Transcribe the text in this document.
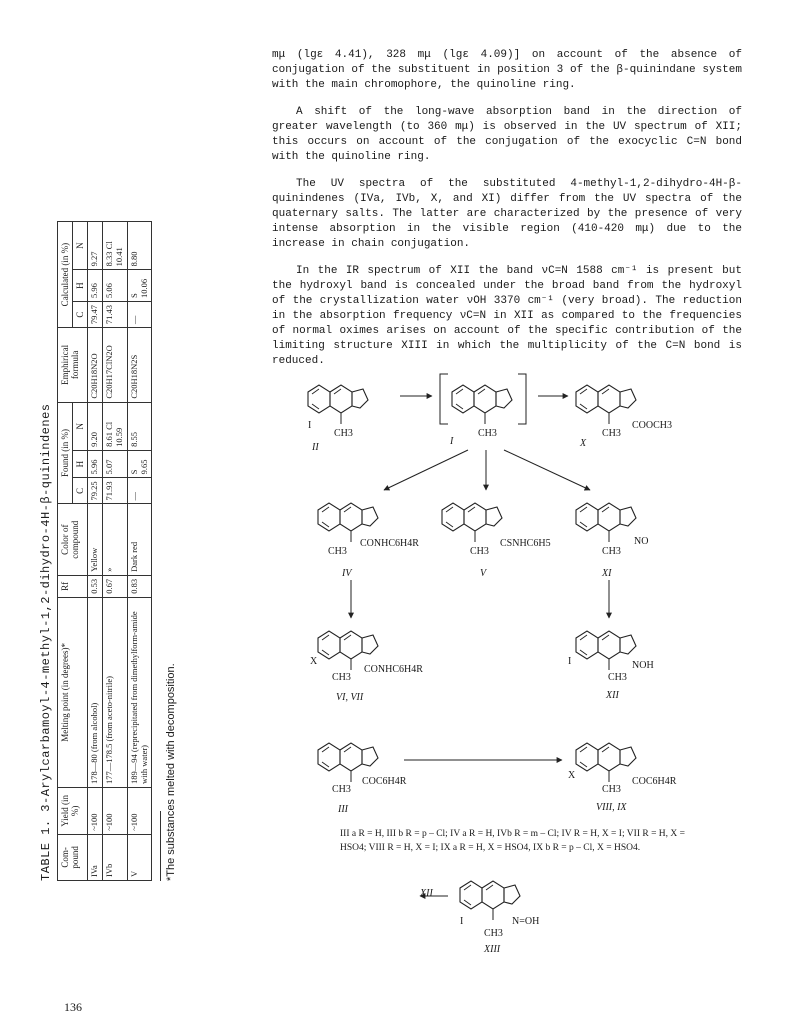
TABLE 1. 3-Arylcarbamoyl-4-methyl-1,2-dihydro-4H-β-quinindenes Com-pound	Yield (in %)	Melting point (in degrees)*	Rf	Color of compound	Found (in %)			Emphirical formula	Calculated (in %)		
					C	H	N		C	H	N
IVa	~100	178—80 (from alcohol)	0.53	Yellow	79.25	5.96	9.20	C20H18N2O	79.47	5.96	9.27
IVb	~100	177—178.5 (from aceto-nitrile)	0.67	»	71.93	5.07	8.61 Cl 10.59	C20H17ClN2O	71.43	5.06	8.33 Cl 10.41
V	~100	189—94 (reprecipitated from dimethylform-amide with water)	0.83	Dark red	—	S 9.65	8.55	C20H18N2S	—	S 10.06	8.80
*The substances melted with decomposition.

mμ (lgε 4.41), 328 mμ (lgε 4.09)] on account of the absence of conjugation of the substituent in position 3 of the β-quinindane system with the main chromophore, the quinoline ring.

A shift of the long-wave absorption band in the direction of greater wavelength (to 360 mμ) is observed in the UV spectrum of XII; this occurs on account of the conjugation of the exocyclic C=N bond with the quinoline ring.

The UV spectra of the substituted 4-methyl-1,2-dihydro-4H-β-quinindenes (IVa, IVb, X, and XI) differ from the UV spectra of the quaternary salts. The latter are characterized by the presence of very intense absorption in the visible region (410-420 mμ) due to the increase in chain conjugation.

In the IR spectrum of XII the band νC=N 1588 cm⁻¹ is present but the hydroxyl band is concealed under the broad band from the hydroxyl of the crystallization water νOH 3370 cm⁻¹ (very broad). The reduction in the absorption frequency νC=N in XII as compared to the frequencies of normal oximes arises on account of the specific contribution of the limiting structure XIII in which the multiplicity of the C=N bond is reduced.

I
CH3
II
I
CH3	CH3
COOCH3
X
CH3
CONHC6H4R
IV
CH3
CSNHC6H5
V
CH3
NO
XI
X
CH3
CONHC6H4R
VI, VII
I
CH3
NOH
XII
CH3
COC6H4R
III
X
CH3
COC6H4R
VIII, IX
III a R = H, III b R = p – Cl; IV a R = H, IVb R = m – Cl; IV R = H, X = I; VII R = H, X = HSO4; VIII R = H, X = I; IX a R = H, X = HSO4, IX b R = p – Cl, X = HSO4.
XII
I
CH3
N=OH
XIII
136
